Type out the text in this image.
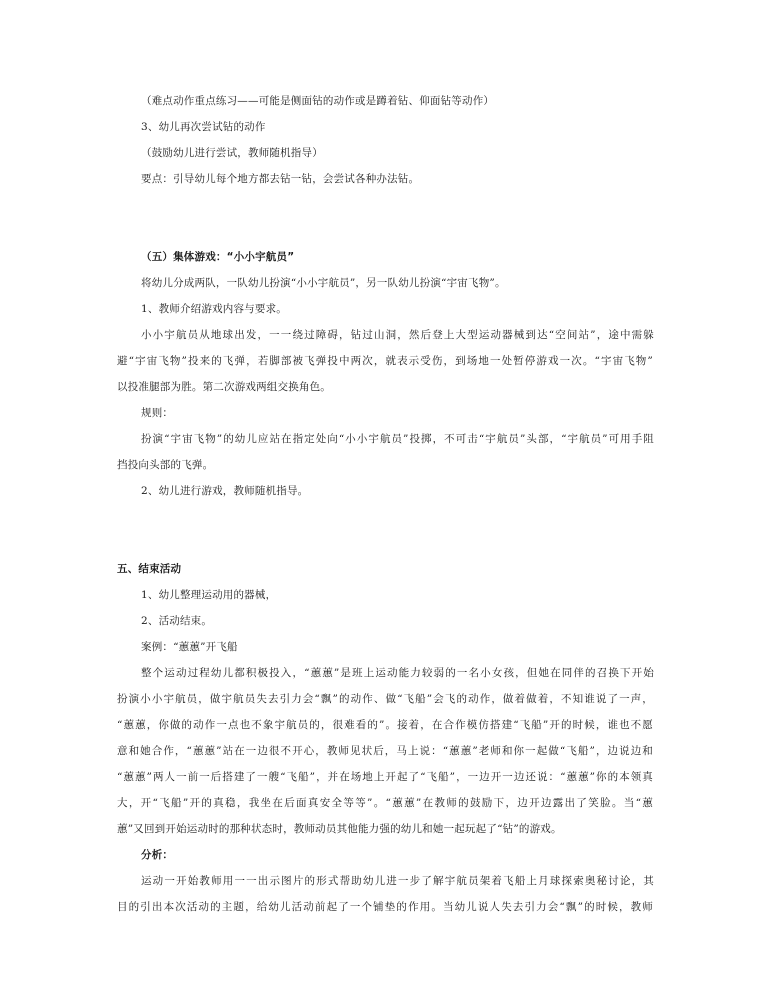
（难点动作重点练习——可能是侧面钻的动作或是蹲着钻、仰面钻等动作）
3、幼儿再次尝试钻的动作
（鼓励幼儿进行尝试，教师随机指导）
要点：引导幼儿每个地方都去钻一钻，会尝试各种办法钻。
（五）集体游戏：“小小宇航员”
将幼儿分成两队，一队幼儿扮演“小小宇航员”，另一队幼儿扮演“宇宙飞物”。
1、教师介绍游戏内容与要求。
小小宇航员从地球出发，一一绕过障碍，钻过山洞，然后登上大型运动器械到达“空间站”，途中需躲
避“宇宙飞物”投来的飞弹，若脚部被飞弹投中两次，就表示受伤，到场地一处暂停游戏一次。“宇宙飞物”
以投准腿部为胜。第二次游戏两组交换角色。
规则：
扮演“宇宙飞物”的幼儿应站在指定处向“小小宇航员”投掷，不可击“宇航员”头部，“宇航员”可用手阻
挡投向头部的飞弹。
2、幼儿进行游戏，教师随机指导。
五、结束活动
1、幼儿整理运动用的器械，
2、活动结束。
案例：“蕙蕙”开飞船
整个运动过程幼儿都积极投入，“蕙蕙”是班上运动能力较弱的一名小女孩，但她在同伴的召换下开始
扮演小小宇航员，做宇航员失去引力会“飘”的动作、做“飞船”会飞的动作，做着做着，不知谁说了一声，
“蕙蕙，你做的动作一点也不象宇航员的，很难看的”。接着，在合作模仿搭建“飞船”开的时候，谁也不愿
意和她合作，“蕙蕙”站在一边很不开心，教师见状后，马上说：“蕙蕙”老师和你一起做“飞船”，边说边和
“蕙蕙”两人一前一后搭建了一艘“飞船”，并在场地上开起了“飞船”，一边开一边还说：“蕙蕙”你的本领真
大，开“飞船”开的真稳，我坐在后面真安全等等”。“蕙蕙”在教师的鼓励下，边开边露出了笑脸。当“蕙
蕙”又回到开始运动时的那种状态时，教师动员其他能力强的幼儿和她一起玩起了“钻”的游戏。
分析：
运动一开始教师用一一出示图片的形式帮助幼儿进一步了解宇航员架着飞船上月球探索奥秘讨论，其
目的引出本次活动的主题，给幼儿活动前起了一个铺垫的作用。当幼儿说人失去引力会“飘”的时候，教师
